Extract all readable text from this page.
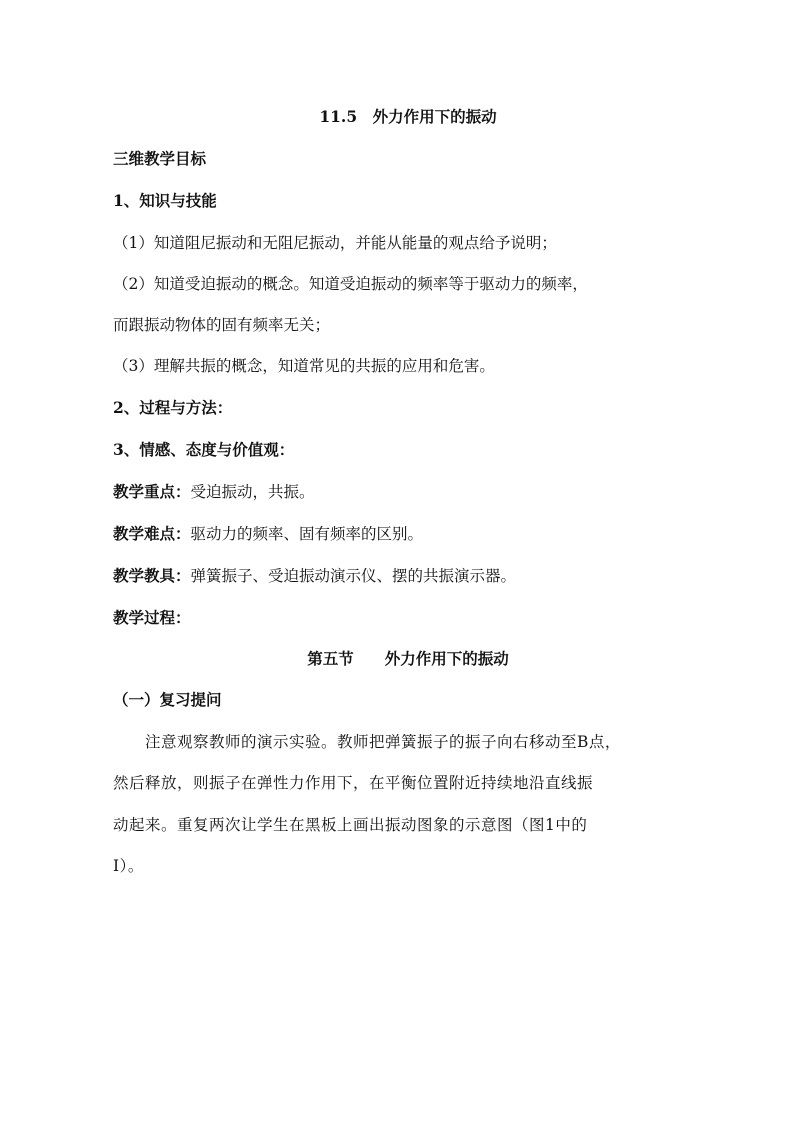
11.5　外力作用下的振动
三维教学目标
1、知识与技能
（1）知道阻尼振动和无阻尼振动，并能从能量的观点给予说明；
（2）知道受迫振动的概念。知道受迫振动的频率等于驱动力的频率，
而跟振动物体的固有频率无关；
（3）理解共振的概念，知道常见的共振的应用和危害。
2、过程与方法：
3、情感、态度与价值观：
教学重点：受迫振动，共振。
教学难点：驱动力的频率、固有频率的区别。
教学教具：弹簧振子、受迫振动演示仪、摆的共振演示器。
教学过程：
第五节　　外力作用下的振动
（一）复习提问
　　注意观察教师的演示实验。教师把弹簧振子的振子向右移动至B点，
然后释放，则振子在弹性力作用下，在平衡位置附近持续地沿直线振
动起来。重复两次让学生在黑板上画出振动图象的示意图（图1中的
Ⅰ）。
